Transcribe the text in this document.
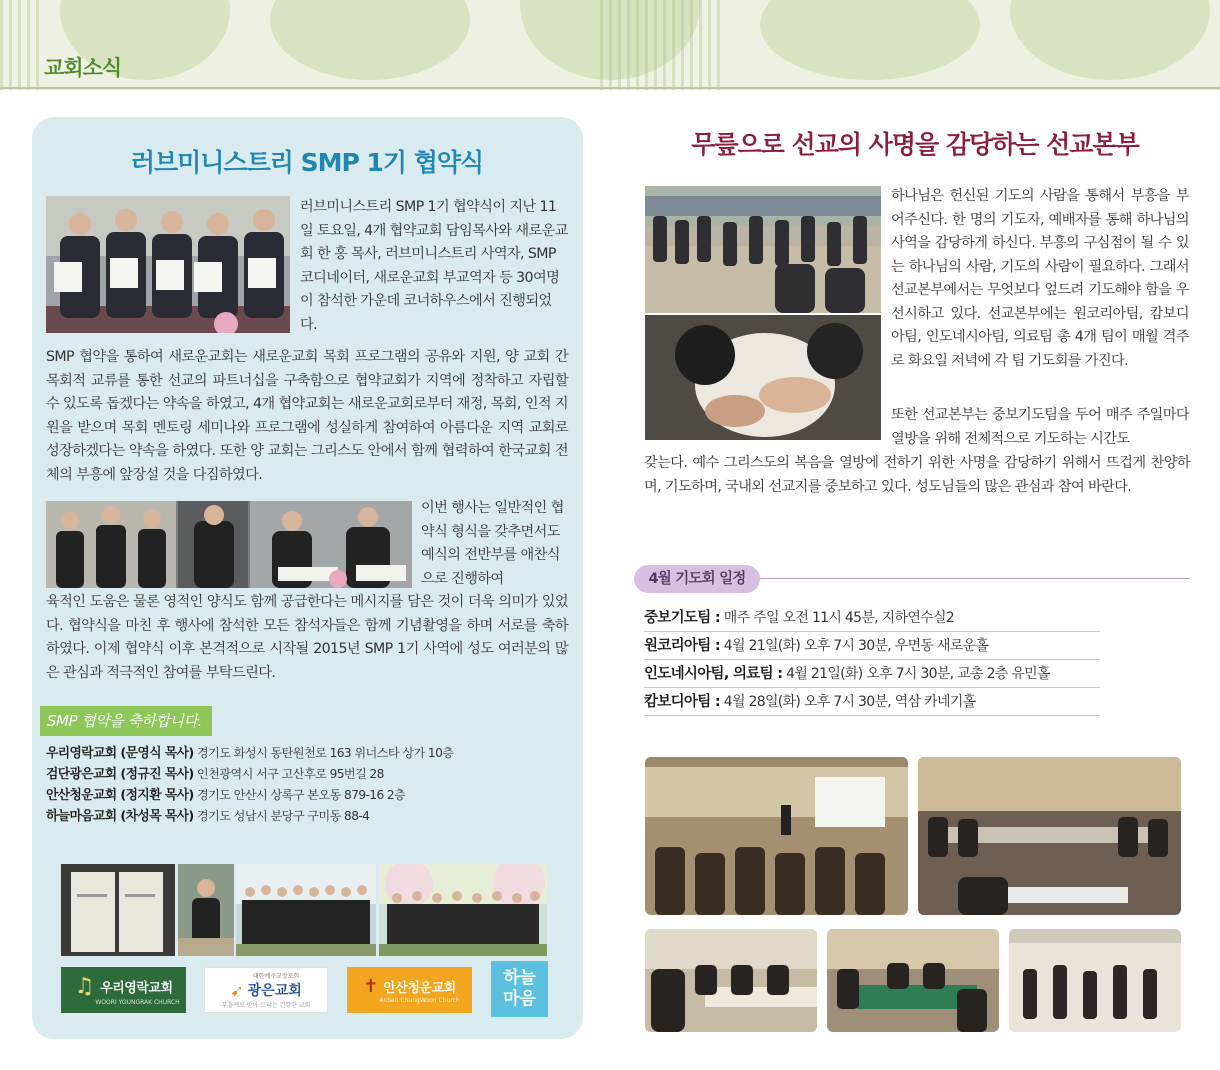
교회소식
러브미니스트리 SMP 1기 협약식
러브미니스트리 SMP 1기 협약식이 지난 11일 토요일, 4개 협약교회 담임목사와 새로운교회 한 홍 목사, 러브미니스트리 사역자, SMP 코디네이터, 새로운교회 부교역자 등 30여명이 참석한 가운데 코너하우스에서 진행되었다.
SMP 협약을 통하여 새로운교회는 새로운교회 목회 프로그램의 공유와 지원, 양 교회 간 목회적 교류를 통한 선교의 파트너십을 구축함으로 협약교회가 지역에 정착하고 자립할 수 있도록 돕겠다는 약속을 하였고, 4개 협약교회는 새로운교회로부터 재정, 목회, 인적 지원을 받으며 목회 멘토링 세미나와 프로그램에 성실하게 참여하여 아름다운 지역 교회로 성장하겠다는 약속을 하였다. 또한 양 교회는 그리스도 안에서 함께 협력하여 한국교회 전체의 부흥에 앞장설 것을 다짐하였다.
이번 행사는 일반적인 협약식 형식을 갖추면서도 예식의 전반부를 애찬식으로 진행하여
육적인 도움은 물론 영적인 양식도 함께 공급한다는 메시지를 담은 것이 더욱 의미가 있었다. 협약식을 마친 후 행사에 참석한 모든 참석자들은 함께 기념촬영을 하며 서로를 축하하였다. 이제 협약식 이후 본격적으로 시작될 2015년 SMP 1기 사역에 성도 여러분의 많은 관심과 적극적인 참여를 부탁드린다.
SMP 협약을 축하합니다.
우리영락교회 (문영식 목사) 경기도 화성시 동탄원천로 163 위너스타 상가 10층
검단광은교회 (정규진 목사) 인천광역시 서구 고산후로 95번길 28
안산청운교회 (정지환 목사) 경기도 안산시 상록구 본오동 879-16 2층
하늘마음교회 (차성목 목사) 경기도 성남시 분당구 구미동 88-4
♫ 우리영락교회
WOORI YOUNGRAK CHURCH
대한예수교장로회
➹ 광은교회
부흥케로 받아 드리는 건강한 교회
✝ 안산청운교회
AnSan ChungWoon Church
하늘
마음
무릎으로 선교의 사명을 감당하는 선교본부
하나님은 헌신된 기도의 사람을 통해서 부흥을 부어주신다. 한 명의 기도자, 예배자를 통해 하나님의 사역을 감당하게 하신다. 부흥의 구심점이 될 수 있는 하나님의 사람, 기도의 사람이 필요하다. 그래서 선교본부에서는 무엇보다 엎드려 기도해야 함을 우선시하고 있다. 선교본부에는 원코리아팀, 캄보디아팀, 인도네시아팀, 의료팀 총 4개 팀이 매월 격주로 화요일 저녁에 각 팀 기도회를 가진다.
또한 선교본부는 중보기도팀을 두어 매주 주일마다 열방을 위해 전체적으로 기도하는 시간도
갖는다. 예수 그리스도의 복음을 열방에 전하기 위한 사명을 감당하기 위해서 뜨겁게 찬양하며, 기도하며, 국내외 선교지를 중보하고 있다. 성도님들의 많은 관심과 참여 바란다.
4월 기도회 일정
중보기도팀 : 매주 주일 오전 11시 45분, 지하연수실2
원코리아팀 : 4월 21일(화) 오후 7시 30분, 우면동 새로운홀
인도네시아팀, 의료팀 : 4월 21일(화) 오후 7시 30분, 교총 2층 유민홀
캄보디아팀 : 4월 28일(화) 오후 7시 30분, 역삼 카네기홀
